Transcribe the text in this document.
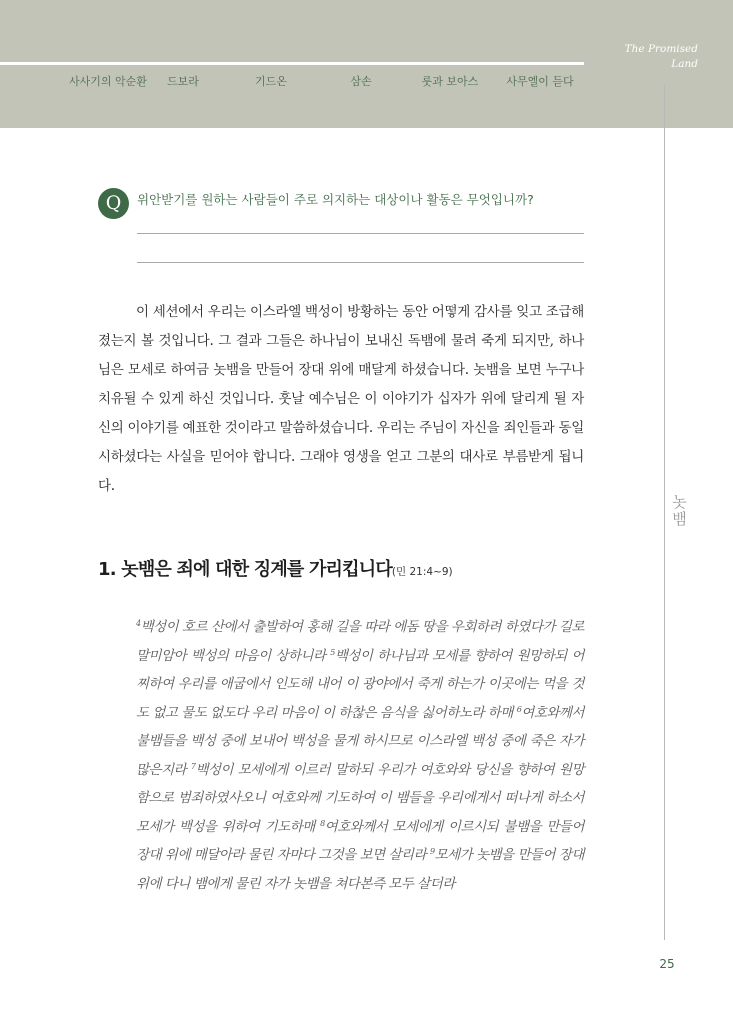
사사기의 악순환 드보라	기드온	삼손	룻과 보아스	사무엘이 듣다
The Promised
Land
놋뱀
Q	위안받기를 원하는 사람들이 주로 의지하는 대상이나 활동은 무엇입니까?

이 세션에서 우리는 이스라엘 백성이 방황하는 동안 어떻게 감사를 잊고 조급해졌는지 볼 것입니다. 그 결과 그들은 하나님이 보내신 독뱀에 물려 죽게 되지만, 하나님은 모세로 하여금 놋뱀을 만들어 장대 위에 매달게 하셨습니다. 놋뱀을 보면 누구나 치유될 수 있게 하신 것입니다. 훗날 예수님은 이 이야기가 십자가 위에 달리게 될 자신의 이야기를 예표한 것이라고 말씀하셨습니다. 우리는 주님이 자신을 죄인들과 동일시하셨다는 사실을 믿어야 합니다. 그래야 영생을 얻고 그분의 대사로 부름받게 됩니다.

1. 놋뱀은 죄에 대한 징계를 가리킵니다(민 21:4~9)

$^4$백성이 호르 산에서 출발하여 홍해 길을 따라 에돔 땅을 우회하려 하였다가 길로 말미암아 백성의 마음이 상하니라 $^5$백성이 하나님과 모세를 향하여 원망하되 어찌하여 우리를 애굽에서 인도해 내어 이 광야에서 죽게 하는가 이곳에는 먹을 것도 없고 물도 없도다 우리 마음이 이 하찮은 음식을 싫어하노라 하매 $^6$여호와께서 불뱀들을 백성 중에 보내어 백성을 물게 하시므로 이스라엘 백성 중에 죽은 자가 많은지라 $^7$백성이 모세에게 이르러 말하되 우리가 여호와와 당신을 향하여 원망함으로 범죄하였사오니 여호와께 기도하여 이 뱀들을 우리에게서 떠나게 하소서 모세가 백성을 위하여 기도하매 $^8$여호와께서 모세에게 이르시되 불뱀을 만들어 장대 위에 매달아라 물린 자마다 그것을 보면 살리라 $^9$모세가 놋뱀을 만들어 장대 위에 다니 뱀에게 물린 자가 놋뱀을 쳐다본즉 모두 살더라

25
